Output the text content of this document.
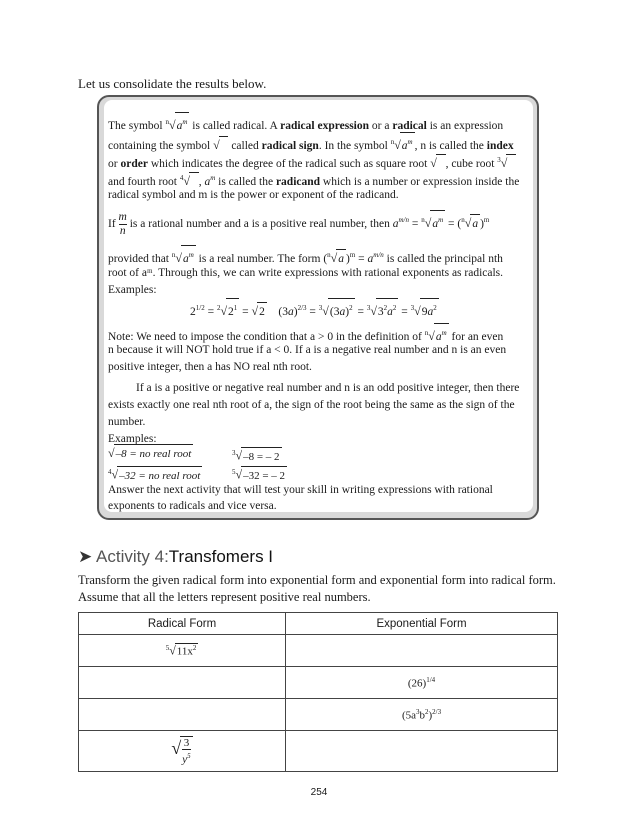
Let us consolidate the results below.
The symbol $^n√a^m$ is called radical. A radical expression or a radical is an expression
containing the symbol √ called radical sign. In the symbol $^n√a^m$ , n is called the index
or order which indicates the degree of the radical such as square root √ , cube root $^3$√
and fourth root $^4$√ , $a^m$ is called the radicand which is a number or expression inside the
radical symbol and m is the power or exponent of the radicand.
If $\frac{m}{n}$ is a rational number and a is a positive real number, then $a^{m/n} = ^n√a^m = (^n√a$ )$^m$
provided that $^n√a^m$ is a real number. The form ($^n$√a )$^m = a^{m/n}$ is called the principal nth
root of aᵐ. Through this, we can write expressions with rational exponents as radicals.
Examples:
$2^{1/2} = ^2√2^1 = √2$    $(3a)^{2/3} = ^3√(3a)^2 = ^3√3^2a^2 = ^3√9a^2$
Note: We need to impose the condition that a > 0 in the definition of $^n√a^m$ for an even
n because it will NOT hold true if a < 0. If a is a negative real number and n is an even
positive integer, then a has NO real nth root.
If a is a positive or negative real number and n is an odd positive integer, then there
exists exactly one real nth root of a, the sign of the root being the same as the sign of the
number.
Examples:
√–8 = no real root	$^3$√–8 = – 2
$^4$√–32 = no real root	$^5$√–32 = – 2
Answer the next activity that will test your skill in writing expressions with rational
exponents to radicals and vice versa.
➤ Activity 4:Transfomers I
Transform the given radical form into exponential form and exponential form into radical form.
Assume that all the letters represent positive real numbers.
Radical Form	Exponential Form
$^5√11x^2$	
	$(26)^{1/4}$
	$(5a^3b^2)^{2/3}$
√ $\frac{3}{y^5}$

254
